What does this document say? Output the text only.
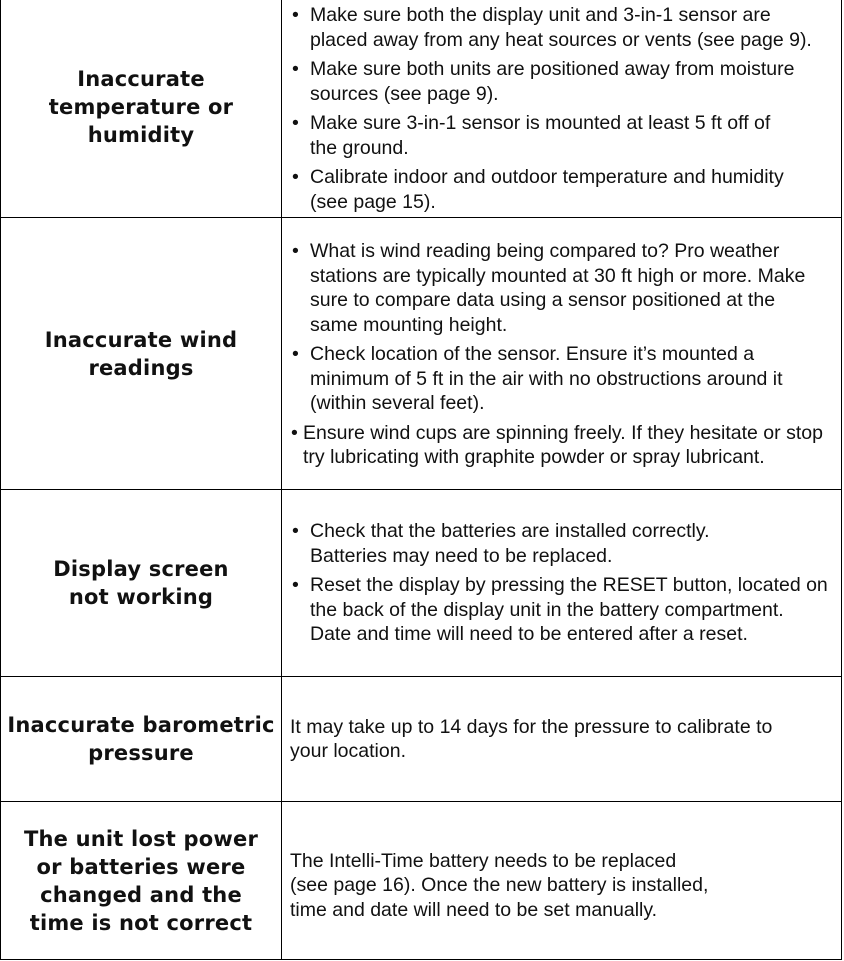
Inaccurate
temperature or
humidity
• Make sure both the display unit and 3-in-1 sensor are
placed away from any heat sources or vents (see page 9).
• Make sure both units are positioned away from moisture
sources (see page 9).
• Make sure 3-in-1 sensor is mounted at least 5 ft off of
the ground.
• Calibrate indoor and outdoor temperature and humidity
(see page 15).
Inaccurate wind
readings
• What is wind reading being compared to? Pro weather
stations are typically mounted at 30 ft high or more. Make
sure to compare data using a sensor positioned at the
same mounting height.
• Check location of the sensor. Ensure it’s mounted a
minimum of 5 ft in the air with no obstructions around it
(within several feet).
• Ensure wind cups are spinning freely. If they hesitate or stop
try lubricating with graphite powder or spray lubricant.
Display screen
not working
• Check that the batteries are installed correctly.
Batteries may need to be replaced.
• Reset the display by pressing the RESET button, located on
the back of the display unit in the battery compartment.
Date and time will need to be entered after a reset.
Inaccurate barometric
pressure
It may take up to 14 days for the pressure to calibrate to
your location.
The unit lost power
or batteries were
changed and the
time is not correct
The Intelli-Time battery needs to be replaced
(see page 16). Once the new battery is installed,
time and date will need to be set manually.
